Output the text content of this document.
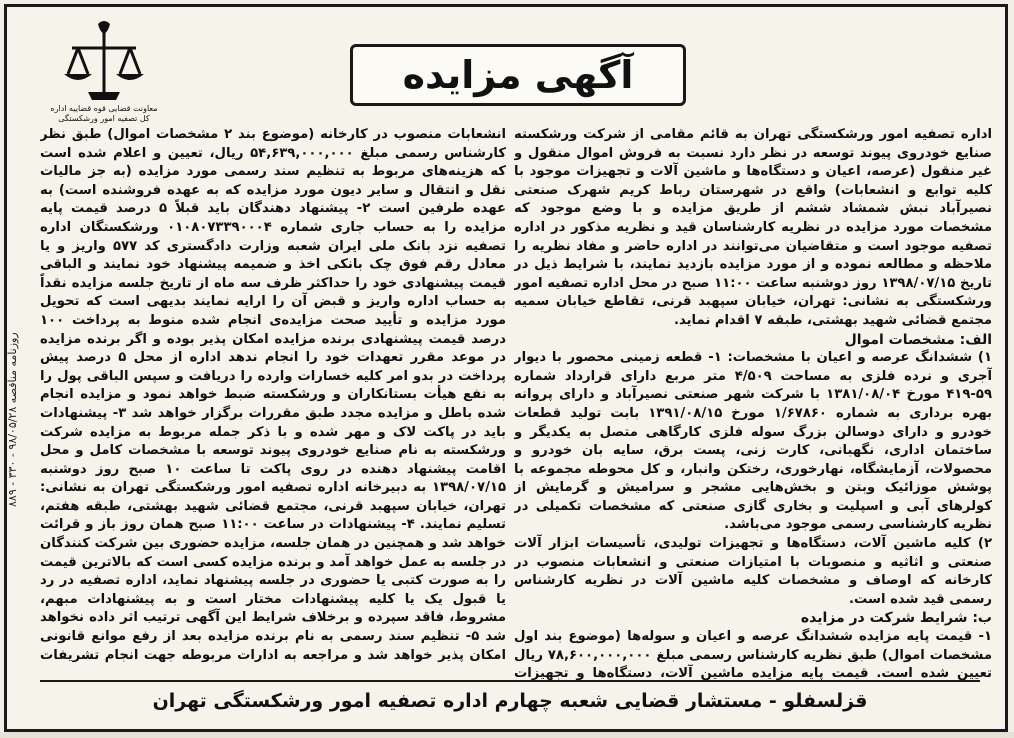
معاونت قضایی قوه قضاییه اداره کل تصفیه امور ورشکستگی
آگهی مزایده
روزنامه مناقصه ۹۸/۰۵/۲۸ - ۳۳۰ - ۸۸۹

اداره تصفیه امور ورشکستگی تهران به قائم مقامی از شرکت ورشکسته صنایع خودروی پیوند توسعه در نظر دارد نسبت به فروش اموال منقول و غیر منقول (عرصه، اعیان و دستگاه‌ها و ماشین آلات و تجهیزات موجود با کلیه توابع و انشعابات) واقع در شهرستان رباط کریم شهرک صنعتی نصیرآباد نبش شمشاد ششم از طریق مزایده و با وضع موجود که مشخصات مورد مزایده در نظریه کارشناسان قید و نظریه مذکور در اداره تصفیه موجود است و متقاضیان می‌توانند در اداره حاضر و مفاد نظریه را ملاحظه و مطالعه نموده و از مورد مزایده بازدید نمایند، با شرایط ذیل در تاریخ ۱۳۹۸/۰۷/۱۵ روز دوشنبه ساعت ۱۱:۰۰ صبح در محل اداره تصفیه امور ورشکستگی به نشانی: تهران، خیابان سپهبد قرنی، تقاطع خیابان سمیه مجتمع قضائی شهید بهشتی، طبقه ۷ اقدام نماید.

الف: مشخصات اموال

۱) ششدانگ عرصه و اعیان با مشخصات: ۱- قطعه زمینی محصور با دیوار آجری و نرده فلزی به مساحت ۴/۵۰۹ متر مربع دارای قرارداد شماره ۵۹-۴۱۹ مورخ ۱۳۸۱/۰۸/۰۴ با شرکت شهر صنعتی نصیرآباد و دارای پروانه بهره برداری به شماره ۱/۶۷۸۶۰ مورخ ۱۳۹۱/۰۸/۱۵ بابت تولید قطعات خودرو و دارای دوسالن بزرگ سوله فلزی کارگاهی متصل به یکدیگر و ساختمان اداری، نگهبانی، کارت زنی، پست برق، سایه بان خودرو و محصولات، آزمایشگاه، نهارخوری، رختکن وانبار، و کل محوطه مجموعه با پوشش موزائیک وبتن و بخش‌هایی مشجر و سرامیش و گرمایش از کولرهای آبی و اسپلیت و بخاری گازی صنعتی که مشخصات تکمیلی در نظریه کارشناسی رسمی موجود می‌باشد.

۲) کلیه ماشین آلات، دستگاه‌ها و تجهیزات تولیدی، تأسیسات ابزار آلات صنعتی و اثاثیه و منصوبات با امتیازات صنعتی و انشعابات منصوب در کارخانه که اوصاف و مشخصات کلیه ماشین آلات در نظریه کارشناس رسمی قید شده است.

ب: شرایط شرکت در مزایده

۱- قیمت پایه مزایده ششدانگ عرصه و اعیان و سوله‌ها (موضوع بند اول مشخصات اموال) طبق نظریه کارشناس رسمی مبلغ ۷۸,۶۰۰,۰۰۰,۰۰۰ ریال تعیین شده است. قیمت پایه مزایده ماشین آلات، دستگاه‌ها و تجهیزات

انشعابات منصوب در کارخانه (موضوع بند ۲ مشخصات اموال) طبق نظر کارشناس رسمی مبلغ ۵۴,۶۳۹,۰۰۰,۰۰۰ ریال، تعیین و اعلام شده است که هزینه‌های مربوط به تنظیم سند رسمی مورد مزایده (به جز مالیات نقل و انتقال و سایر دیون مورد مزایده که به عهده فروشنده است) به عهده طرفین است ۲- پیشنهاد دهندگان باید قبلاً ۵ درصد قیمت پایه مزایده را به حساب جاری شماره ۰۱۰۸۰۷۳۳۹۰۰۰۴ ورشکستگان اداره تصفیه نزد بانک ملی ایران شعبه وزارت دادگستری کد ۵۷۷ واریز و یا معادل رقم فوق چک بانکی اخذ و ضمیمه پیشنهاد خود نمایند و الباقی قیمت پیشنهادی خود را حداکثر ظرف سه ماه از تاریخ جلسه مزایده نقداً به حساب اداره واریز و قبض آن را ارایه نمایند بدیهی است که تحویل مورد مزایده و تأیید صحت مزایده‌ی انجام شده منوط به پرداخت ۱۰۰ درصد قیمت پیشنهادی برنده مزایده امکان پذیر بوده و اگر برنده مزایده در موعد مقرر تعهدات خود را انجام ندهد اداره از محل ۵ درصد پیش پرداخت در بدو امر کلیه خسارات وارده را دریافت و سپس الباقی پول را به نفع هیأت بستانکاران و ورشکسته ضبط خواهد نمود و مزایده انجام شده باطل و مزایده مجدد طبق مقررات برگزار خواهد شد ۳- پیشنهادات باید در پاکت لاک و مهر شده و با ذکر جمله مربوط به مزایده شرکت ورشکسته به نام صنایع خودروی پیوند توسعه با مشخصات کامل و محل اقامت پیشنهاد دهنده در روی پاکت تا ساعت ۱۰ صبح روز دوشنبه ۱۳۹۸/۰۷/۱۵ به دبیرخانه اداره تصفیه امور ورشکستگی تهران به نشانی: تهران، خیابان سپهبد قرنی، مجتمع قضائی شهید بهشتی، طبقه هفتم، تسلیم نمایند. ۴- پیشنهادات در ساعت ۱۱:۰۰ صبح همان روز باز و قرائت خواهد شد و همچنین در همان جلسه، مزایده حضوری بین شرکت کنندگان در جلسه به عمل خواهد آمد و برنده مزایده کسی است که بالاترین قیمت را به صورت کتبی یا حضوری در جلسه پیشنهاد نماید، اداره تصفیه در رد یا قبول یک یا کلیه پیشنهادات مختار است و به پیشنهادات مبهم، مشروط، فاقد سپرده و برخلاف شرایط این آگهی ترتیب اثر داده نخواهد شد ۵- تنظیم سند رسمی به نام برنده مزایده بعد از رفع موانع قانونی امکان پذیر خواهد شد و مراجعه به ادارات مربوطه جهت انجام تشریفات

قزلسفلو - مستشار قضایی شعبه چهارم اداره تصفیه امور ورشکستگی تهران
